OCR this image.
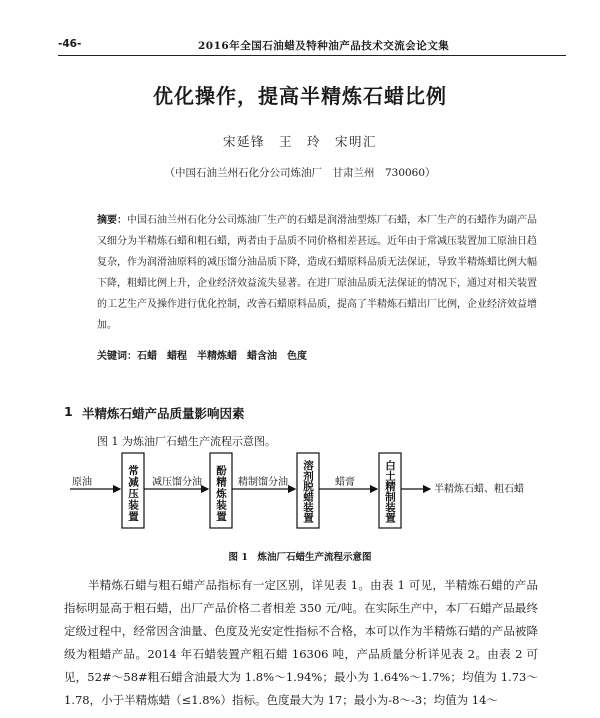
-46-	2016年全国石油蜡及特种油产品技术交流会论文集
优化操作，提高半精炼石蜡比例
宋延锋　王　玲　宋明汇
（中国石油兰州石化分公司炼油厂　甘肃兰州　730060）

摘要：中国石油兰州石化分公司炼油厂生产的石蜡是润滑油型炼厂石蜡，本厂生产的石蜡作为副产品又细分为半精炼石蜡和粗石蜡，两者由于品质不同价格相差甚远。近年由于常减压装置加工原油日趋复杂，作为润滑油原料的减压馏分油品质下降，造成石蜡原料品质无法保证，导致半精炼蜡比例大幅下降，粗蜡比例上升，企业经济效益流失显著。在进厂原油品质无法保证的情况下，通过对相关装置的工艺生产及操作进行优化控制，改善石蜡原料品质，提高了半精炼石蜡出厂比例，企业经济效益增加。

关键词：石蜡 蜡程 半精炼蜡 蜡含油 色度

1 半精炼石蜡产品质量影响因素

图 1 为炼油厂石蜡生产流程示意图。

原油	减压馏分油	精制馏分油	蜡膏
半精炼石蜡、粗石蜡
常减压装置	酚精炼装置	溶剂脱蜡装置	白土精制装置
图 1　炼油厂石蜡生产流程示意图

半精炼石蜡与粗石蜡产品指标有一定区别，详见表 1。由表 1 可见，半精炼石蜡的产品指标明显高于粗石蜡，出厂产品价格二者相差 350 元/吨。在实际生产中，本厂石蜡产品最终定级过程中，经常因含油量、色度及光安定性指标不合格，本可以作为半精炼石蜡的产品被降级为粗蜡产品。2014 年石蜡装置产粗石蜡 16306 吨，产品质量分析详见表 2。由表 2 可见，52#～58#粗石蜡含油最大为 1.8%～1.94%；最小为 1.64%～1.7%；均值为 1.73～1.78，小于半精炼蜡（≤1.8%）指标。色度最大为 17；最小为-8～-3；均值为 14～
